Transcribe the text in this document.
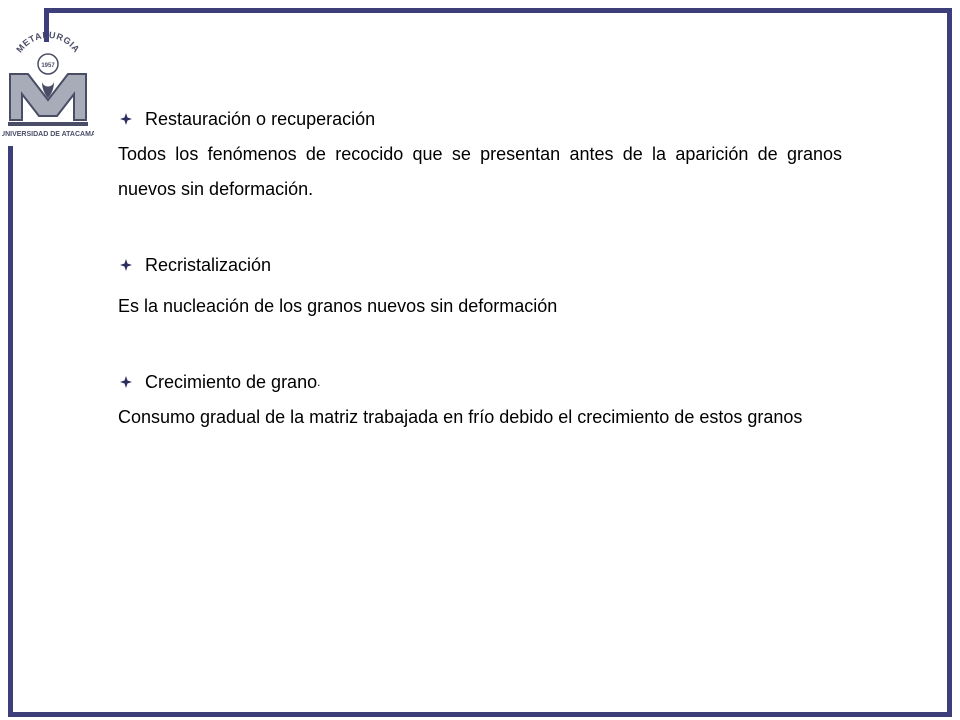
METALURGIA
1957
UNIVERSIDAD DE ATACAMA
Restauración o recuperación
Todos los fenómenos de recocido que se presentan antes de la aparición de granos nuevos sin deformación.
Recristalización
Es la nucleación de los granos nuevos sin deformación
Crecimiento de grano .
Consumo gradual de la matriz trabajada en frío debido el crecimiento de estos granos
